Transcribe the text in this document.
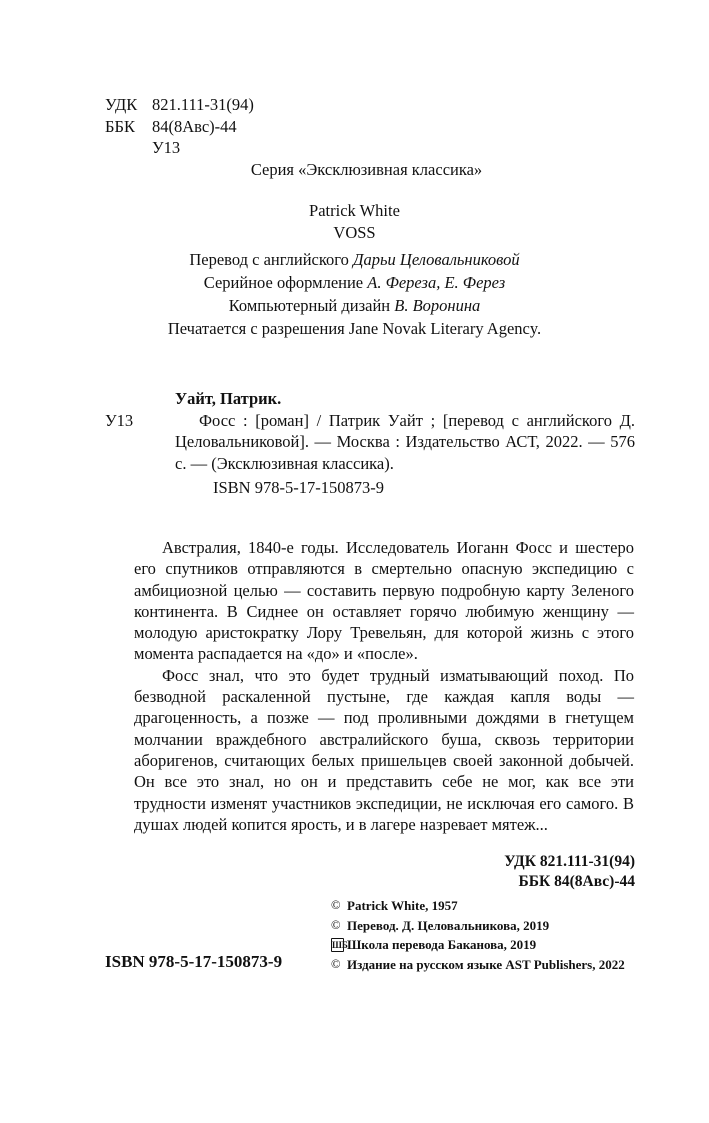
УДК 821.111-31(94)
ББК 84(8Авс)-44
У13
Серия «Эксклюзивная классика»
Patrick White
VOSS
Перевод с английского Дарьи Целовальниковой
Серийное оформление А. Фереза, Е. Ферез
Компьютерный дизайн В. Воронина
Печатается с разрешения Jane Novak Literary Agency.
Уайт, Патрик.
У13	Фосс : [роман] / Патрик Уайт ; [перевод с английского Д. Целовальниковой]. — Москва : Издательство АСТ, 2022. — 576 с. — (Эксклюзивная классика).
ISBN 978-5-17-150873-9

Австралия, 1840-е годы. Исследователь Иоганн Фосс и шестеро его спутников отправляются в смертельно опасную экспедицию с амбициозной целью — составить первую подробную карту Зеленого континента. В Сиднее он оставляет горячо любимую женщину — молодую аристократку Лору Тревельян, для которой жизнь с этого момента распадается на «до» и «после».

Фосс знал, что это будет трудный изматывающий поход. По безводной раскаленной пустыне, где каждая капля воды — драгоценность, а позже — под проливными дождями в гнетущем молчании враждебного австралийского буша, сквозь территории аборигенов, считающих белых пришельцев своей законной добычей. Он все это знал, но он и представить себе не мог, как все эти трудности изменят участников экспедиции, не исключая его самого. В душах людей копится ярость, и в лагере назревает мятеж...

УДК 821.111-31(94)
ББК 84(8Авс)-44
© Patrick White, 1957
© Перевод. Д. Целовальникова, 2019
ШБ Школа перевода Баканова, 2019
© Издание на русском языке AST Publishers, 2022
ISBN 978-5-17-150873-9
